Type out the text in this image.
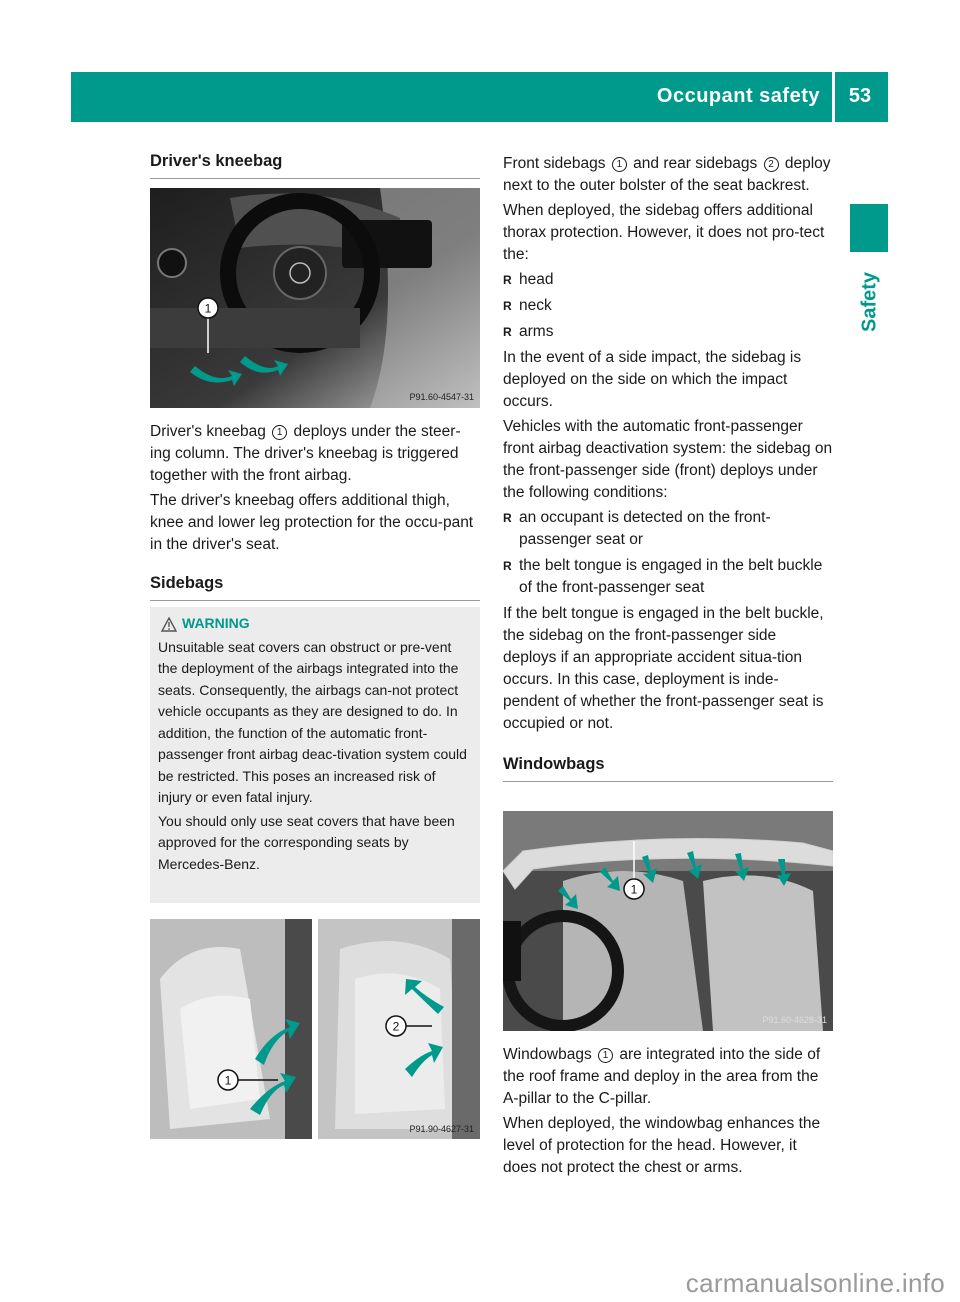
Occupant safety	53
Safety
Driver's kneebag
1
P91.60-4547-31

Driver's kneebag 1 deploys under the steer-ing column. The driver's kneebag is triggered together with the front airbag.

The driver's kneebag offers additional thigh, knee and lower leg protection for the occu-pant in the driver's seat.

Sidebags
WARNING

Unsuitable seat covers can obstruct or pre-vent the deployment of the airbags integrated into the seats. Consequently, the airbags can-not protect vehicle occupants as they are designed to do. In addition, the function of the automatic front-passenger front airbag deac-tivation system could be restricted. This poses an increased risk of injury or even fatal injury.

You should only use seat covers that have been approved for the corresponding seats by Mercedes-Benz.

1
2
P91.90-4627-31

Front sidebags 1 and rear sidebags 2 deploy next to the outer bolster of the seat backrest.

When deployed, the sidebag offers additional thorax protection. However, it does not pro-tect the:

R head
R neck
R arms

In the event of a side impact, the sidebag is deployed on the side on which the impact occurs.

Vehicles with the automatic front-passenger front airbag deactivation system: the sidebag on the front-passenger side (front) deploys under the following conditions:

R an occupant is detected on the front-passenger seat or
R the belt tongue is engaged in the belt buckle of the front-passenger seat

If the belt tongue is engaged in the belt buckle, the sidebag on the front-passenger side deploys if an appropriate accident situa-tion occurs. In this case, deployment is inde-pendent of whether the front-passenger seat is occupied or not.

Windowbags
1
P91.60-4628-31

Windowbags 1 are integrated into the side of the roof frame and deploy in the area from the A-pillar to the C-pillar.

When deployed, the windowbag enhances the level of protection for the head. However, it does not protect the chest or arms.

carmanualsonline.info
